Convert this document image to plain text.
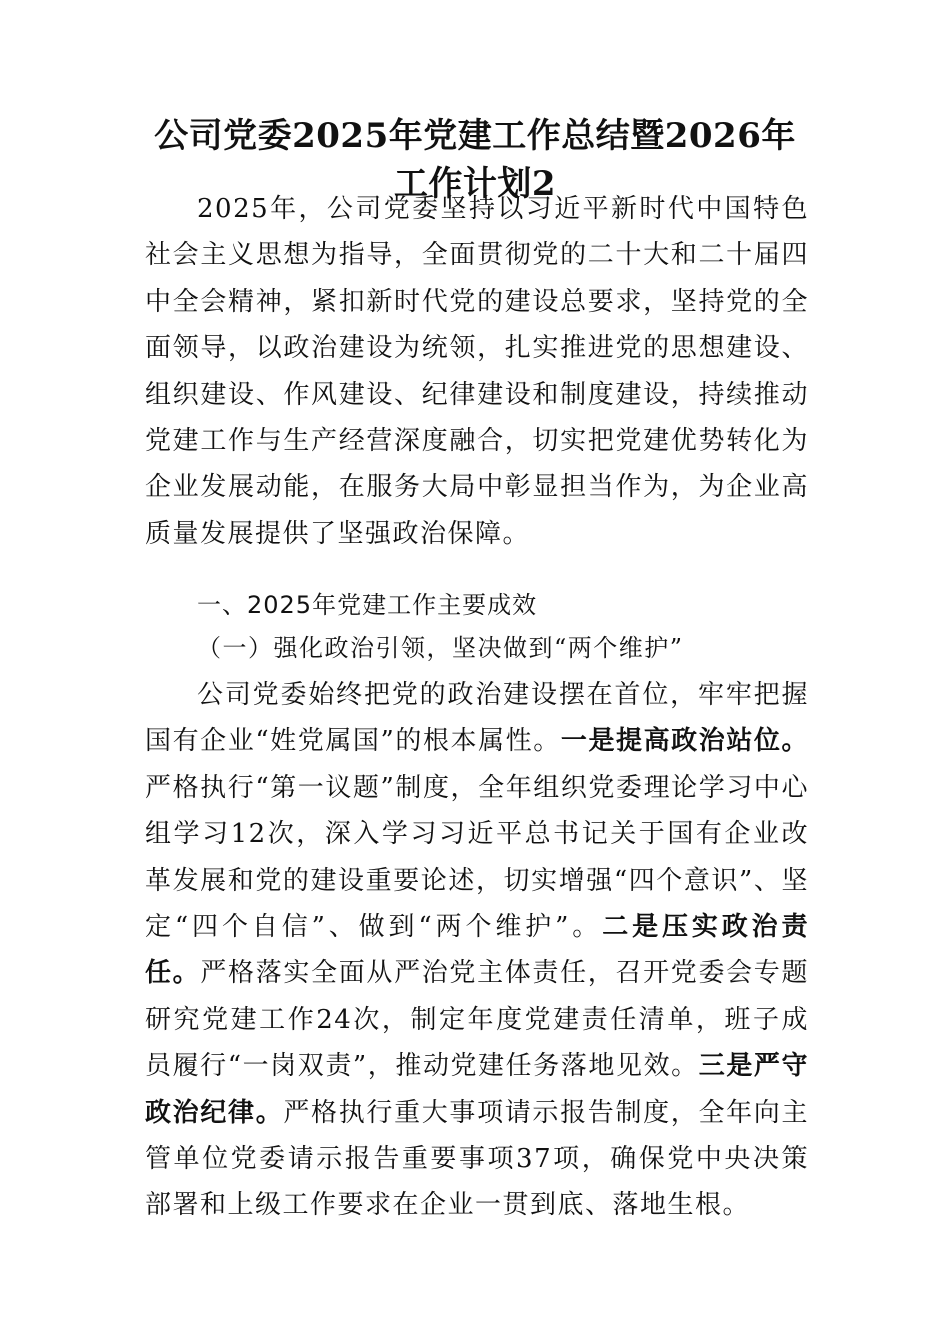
公司党委2025年党建工作总结暨2026年工作计划2
2025年，公司党委坚持以习近平新时代中国特色社会主义思想为指导，全面贯彻党的二十大和二十届四中全会精神，紧扣新时代党的建设总要求，坚持党的全面领导，以政治建设为统领，扎实推进党的思想建设、组织建设、作风建设、纪律建设和制度建设，持续推动党建工作与生产经营深度融合，切实把党建优势转化为企业发展动能，在服务大局中彰显担当作为，为企业高质量发展提供了坚强政治保障。
一、2025年党建工作主要成效
（一）强化政治引领，坚决做到“两个维护”
公司党委始终把党的政治建设摆在首位，牢牢把握国有企业“姓党属国”的根本属性。一是提高政治站位。严格执行“第一议题”制度，全年组织党委理论学习中心组学习12次，深入学习习近平总书记关于国有企业改革发展和党的建设重要论述，切实增强“四个意识”、坚定“四个自信”、做到“两个维护”。二是压实政治责任。严格落实全面从严治党主体责任，召开党委会专题研究党建工作24次，制定年度党建责任清单，班子成员履行“一岗双责”，推动党建任务落地见效。三是严守政治纪律。严格执行重大事项请示报告制度，全年向主管单位党委请示报告重要事项37项，确保党中央决策部署和上级工作要求在企业一贯到底、落地生根。
